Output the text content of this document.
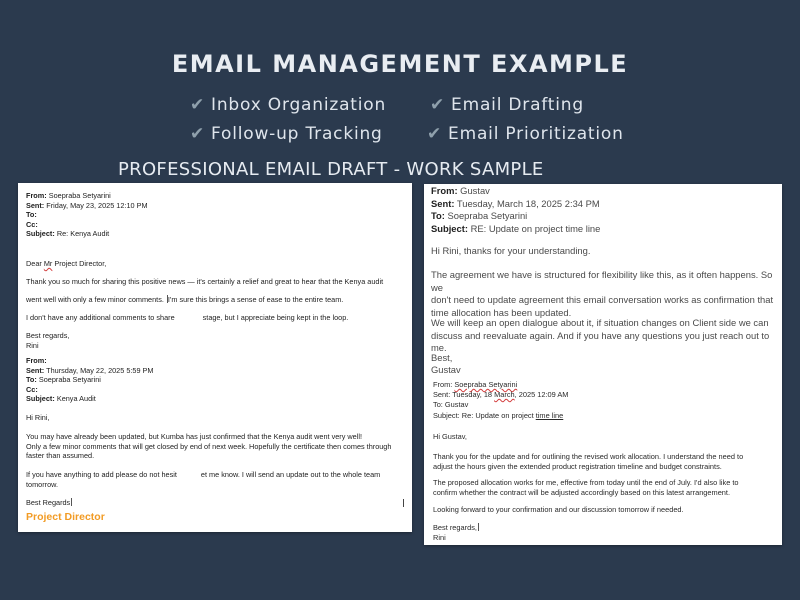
EMAIL MANAGEMENT EXAMPLE
✔ Inbox Organization	✔ Email Drafting
✔ Follow-up Tracking	✔ Email Prioritization
PROFESSIONAL EMAIL DRAFT - WORK SAMPLE
From: Soepraba Setyarini
Sent: Friday, May 23, 2025 12:10 PM
To:
Cc:
Subject: Re: Kenya Audit
Dear Mr Project Director,
Thank you so much for sharing this positive news — it's certainly a relief and great to hear that the Kenya audit
went well with only a few minor comments. I'm sure this brings a sense of ease to the entire team.
I don't have any additional comments to share	stage, but I appreciate being kept in the loop.
Best regards,
Rini
From:
Sent: Thursday, May 22, 2025 5:59 PM
To: Soepraba Setyarini
Cc:
Subject: Kenya Audit
Hi Rini,
You may have already been updated, but Kumba has just confirmed that the Kenya audit went very well!
Only a few minor comments that will get closed by end of next week. Hopefully the certificate then comes through
faster than assumed.
If you have anything to add please do not hesit	et me know. I will send an update out to the whole team
tomorrow.
Best Regards
Project Director
From: Gustav
Sent: Tuesday, March 18, 2025 2:34 PM
To: Soepraba Setyarini
Subject: RE: Update on project time line
Hi Rini, thanks for your understanding.
The agreement we have is structured for flexibility like this, as it often happens. So we
don't need to update agreement this email conversation works as confirmation that
time allocation has been updated.
We will keep an open dialogue about it, if situation changes on Client side we can
discuss and reevaluate again. And if you have any questions you just reach out to me.
Best,
Gustav
From: Soepraba Setyarini
Sent: Tuesday, 18 March, 2025 12:09 AM
To: Gustav
Subject: Re: Update on project time line
Hi Gustav,
Thank you for the update and for outlining the revised work allocation. I understand the need to
adjust the hours given the extended product registration timeline and budget constraints.
The proposed allocation works for me, effective from today until the end of July. I'd also like to
confirm whether the contract will be adjusted accordingly based on this latest arrangement.
Looking forward to your confirmation and our discussion tomorrow if needed.
Best regards,
Rini
